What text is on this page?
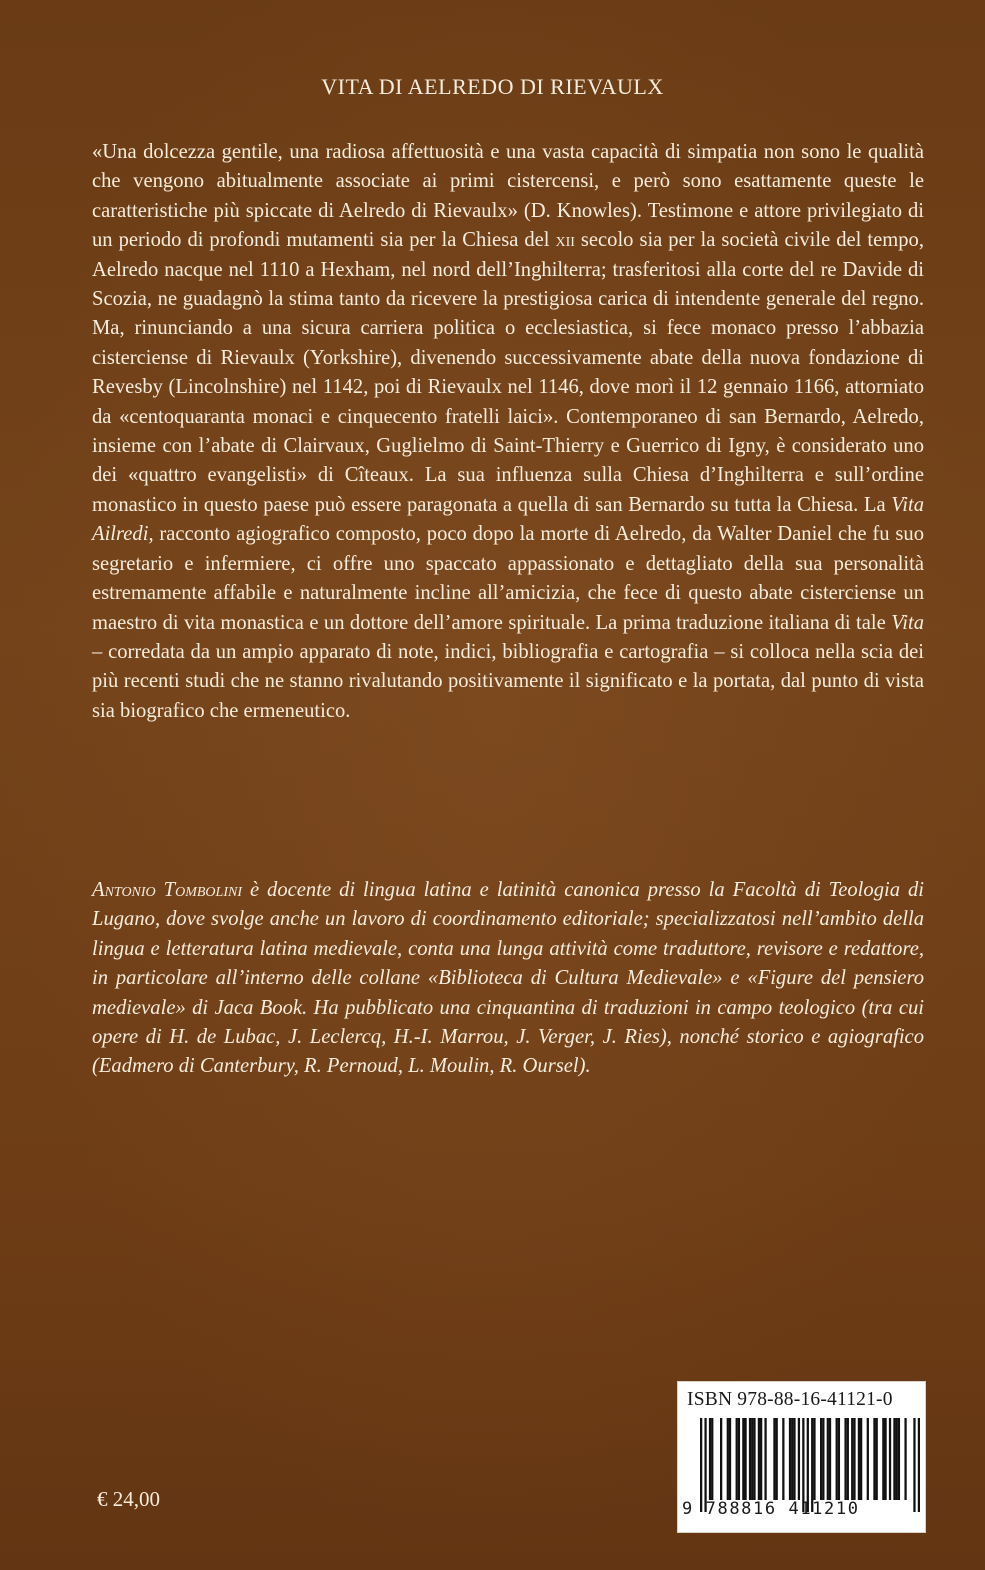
VITA DI AELREDO DI RIEVAULX

«Una dolcezza gentile, una radiosa affettuosità e una vasta capacità di simpatia non sono le qualità che vengono abitualmente associate ai primi cistercensi, e però sono esattamente queste le caratteristiche più spiccate di Aelredo di Rievaulx» (D. Knowles). Testimone e attore privilegiato di un periodo di profondi mutamenti sia per la Chiesa del xii secolo sia per la società civile del tempo, Aelredo nacque nel 1110 a Hexham, nel nord dell’Inghilterra; trasferitosi alla corte del re Davide di Scozia, ne guadagnò la stima tanto da ricevere la prestigiosa carica di intendente generale del regno. Ma, rinunciando a una sicura carriera politica o ecclesiastica, si fece monaco presso l’abbazia cisterciense di Rievaulx (Yorkshire), divenendo successivamente abate della nuova fondazione di Revesby (Lincolnshire) nel 1142, poi di Rievaulx nel 1146, dove morì il 12 gennaio 1166, attorniato da «centoquaranta monaci e cinquecento fratelli laici». Contemporaneo di san Bernardo, Aelredo, insieme con l’abate di Clairvaux, Guglielmo di Saint-Thierry e Guerrico di Igny, è considerato uno dei «quattro evangelisti» di Cîteaux. La sua influenza sulla Chiesa d’Inghilterra e sull’ordine monastico in questo paese può essere paragonata a quella di san Bernardo su tutta la Chiesa. La Vita Ailredi, racconto agiografico composto, poco dopo la morte di Aelredo, da Walter Daniel che fu suo segretario e infermiere, ci offre uno spaccato appassionato e dettagliato della sua personalità estremamente affabile e naturalmente incline all’amicizia, che fece di questo abate cisterciense un maestro di vita monastica e un dottore dell’amore spirituale. La prima traduzione italiana di tale Vita – corredata da un ampio apparato di note, indici, bibliografia e cartografia – si colloca nella scia dei più recenti studi che ne stanno rivalutando positivamente il significato e la portata, dal punto di vista sia biografico che ermeneutico.

Antonio Tombolini è docente di lingua latina e latinità canonica presso la Facoltà di Teologia di Lugano, dove svolge anche un lavoro di coordinamento editoriale; specializzatosi nell’ambito della lingua e letteratura latina medievale, conta una lunga attività come traduttore, revisore e redattore, in particolare all’interno delle collane «Biblioteca di Cultura Medievale» e «Figure del pensiero medievale» di Jaca Book. Ha pubblicato una cinquantina di traduzioni in campo teologico (tra cui opere di H. de Lubac, J. Leclercq, H.-I. Marrou, J. Verger, J. Ries), nonché storico e agiografico (Eadmero di Canterbury, R. Pernoud, L. Moulin, R. Oursel).

€ 24,00
ISBN 978-88-16-41121-0
9 788816 411210
